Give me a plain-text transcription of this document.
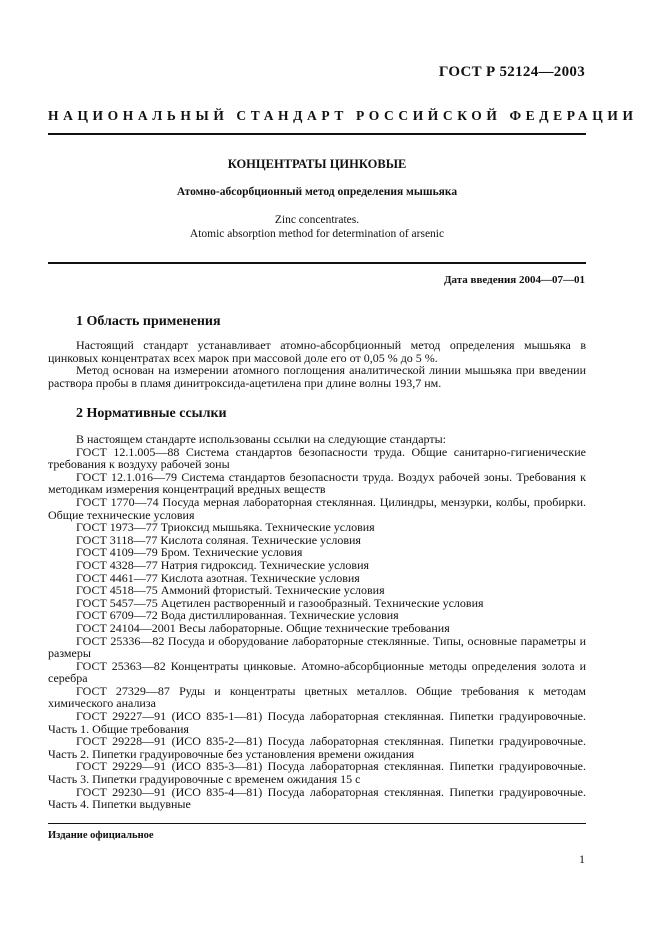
ГОСТ Р 52124—2003
НАЦИОНАЛЬНЫЙ СТАНДАРТ РОССИЙСКОЙ ФЕДЕРАЦИИ
КОНЦЕНТРАТЫ ЦИНКОВЫЕ
Атомно-абсорбционный метод определения мышьяка
Zinc concentrates.
Atomic absorption method for determination of arsenic
Дата введения 2004—07—01
1 Область применения

Настоящий стандарт устанавливает атомно-абсорбционный метод определения мышьяка в цинковых концентратах всех марок при массовой доле его от 0,05 % до 5 %.

Метод основан на измерении атомного поглощения аналитической линии мышьяка при введении раствора пробы в пламя динитроксида-ацетилена при длине волны 193,7 нм.

2 Нормативные ссылки

В настоящем стандарте использованы ссылки на следующие стандарты:

ГОСТ 12.1.005—88 Система стандартов безопасности труда. Общие санитарно-гигиенические требования к воздуху рабочей зоны

ГОСТ 12.1.016—79 Система стандартов безопасности труда. Воздух рабочей зоны. Требования к методикам измерения концентраций вредных веществ

ГОСТ 1770—74 Посуда мерная лабораторная стеклянная. Цилиндры, мензурки, колбы, пробирки. Общие технические условия

ГОСТ 1973—77 Триоксид мышьяка. Технические условия

ГОСТ 3118—77 Кислота соляная. Технические условия

ГОСТ 4109—79 Бром. Технические условия

ГОСТ 4328—77 Натрия гидроксид. Технические условия

ГОСТ 4461—77 Кислота азотная. Технические условия

ГОСТ 4518—75 Аммоний фтористый. Технические условия

ГОСТ 5457—75 Ацетилен растворенный и газообразный. Технические условия

ГОСТ 6709—72 Вода дистиллированная. Технические условия

ГОСТ 24104—2001 Весы лабораторные. Общие технические требования

ГОСТ 25336—82 Посуда и оборудование лабораторные стеклянные. Типы, основные параметры и размеры

ГОСТ 25363—82 Концентраты цинковые. Атомно-абсорбционные методы определения золота и серебра

ГОСТ 27329—87 Руды и концентраты цветных металлов. Общие требования к методам химического анализа

ГОСТ 29227—91 (ИСО 835-1—81) Посуда лабораторная стеклянная. Пипетки градуировочные. Часть 1. Общие требования

ГОСТ 29228—91 (ИСО 835-2—81) Посуда лабораторная стеклянная. Пипетки градуировочные. Часть 2. Пипетки градуировочные без установления времени ожидания

ГОСТ 29229—91 (ИСО 835-3—81) Посуда лабораторная стеклянная. Пипетки градуировочные. Часть 3. Пипетки градуировочные с временем ожидания 15 с

ГОСТ 29230—91 (ИСО 835-4—81) Посуда лабораторная стеклянная. Пипетки градуировочные. Часть 4. Пипетки выдувные

Издание официальное
1
